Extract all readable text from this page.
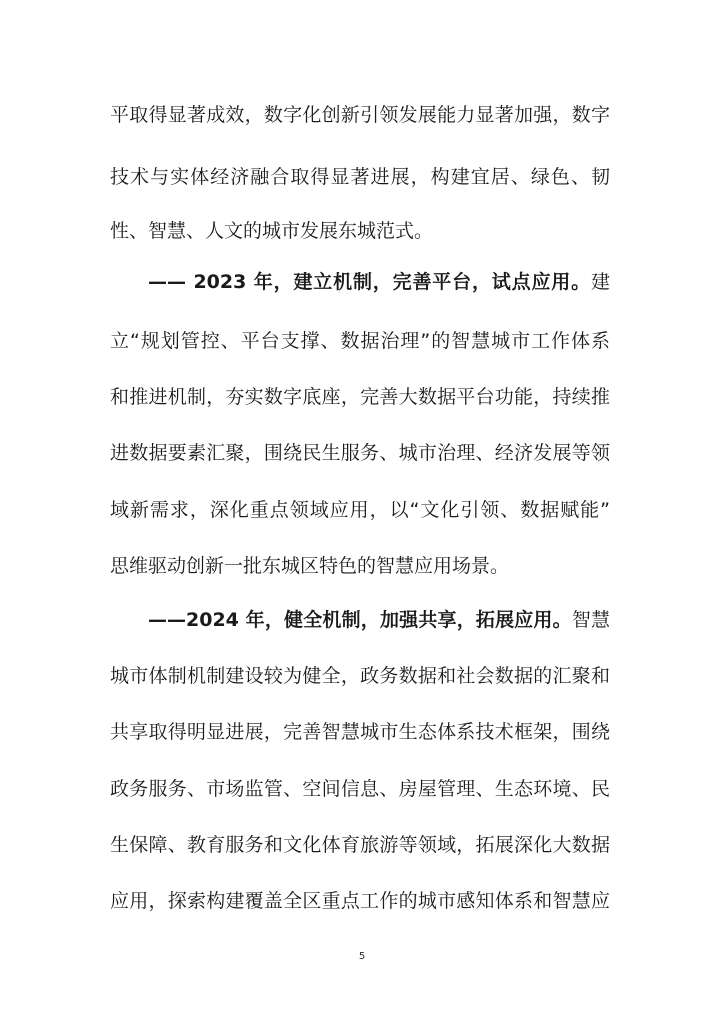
平取得显著成效，数字化创新引领发展能力显著加强，数字
技术与实体经济融合取得显著进展，构建宜居、绿色、韧
性、智慧、人文的城市发展东城范式。
—— 2023 年，建立机制，完善平台，试点应用。建
立“规划管控、平台支撑、数据治理”的智慧城市工作体系
和推进机制，夯实数字底座，完善大数据平台功能，持续推
进数据要素汇聚，围绕民生服务、城市治理、经济发展等领
域新需求，深化重点领域应用，以“文化引领、数据赋能”
思维驱动创新一批东城区特色的智慧应用场景。
——2024 年，健全机制，加强共享，拓展应用。智慧
城市体制机制建设较为健全，政务数据和社会数据的汇聚和
共享取得明显进展，完善智慧城市生态体系技术框架，围绕
政务服务、市场监管、空间信息、房屋管理、生态环境、民
生保障、教育服务和文化体育旅游等领域，拓展深化大数据
应用，探索构建覆盖全区重点工作的城市感知体系和智慧应
5
